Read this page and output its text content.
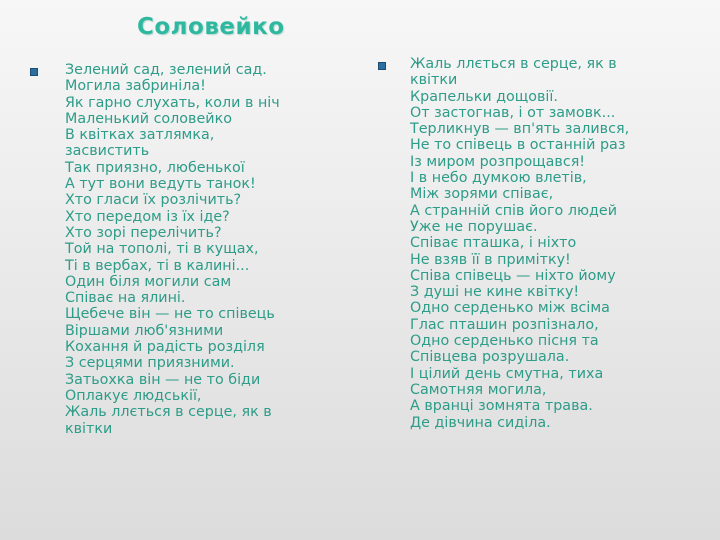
Соловейко
Зелений сад, зелений сад.
Могила забриніла!
Як гарно слухать, коли в ніч
Маленький соловейко
В квітках затлямка,
засвистить
Так приязно, любенької
А тут вони ведуть танок!
Хто гласи їх розлічить?
Хто передом із їх іде?
Хто зорі перелічить?
Той на тополі, ті в кущах,
Ті в вербах, ті в калині...
Один біля могили сам
Співає на ялині.
Щебече він — не то співець
Віршами люб'язними
Кохання й радість розділя
З серцями приязними.
Затьохка він — не то біди
Оплакує людськії,
Жаль ллється в серце, як в
квітки
Жаль ллється в серце, як в
квітки
Крапельки дощовії.
От застогнав, і от замовк...
Терликнув — вп'ять залився,
Не то співець в останній раз
Із миром розпрощався!
І в небо думкою влетів,
Між зорями співає,
А странній спів його людей
Уже не порушає.
Співає пташка, і ніхто
Не взяв її в примітку!
Співа співець — ніхто йому
З душі не кине квітку!
Одно серденько між всіма
Глас пташин розпізнало,
Одно серденько пісня та
Співцева розрушала.
І цілий день смутна, тиха
Самотняя могила,
А вранці зомнята трава.
Де дівчина сиділа.
